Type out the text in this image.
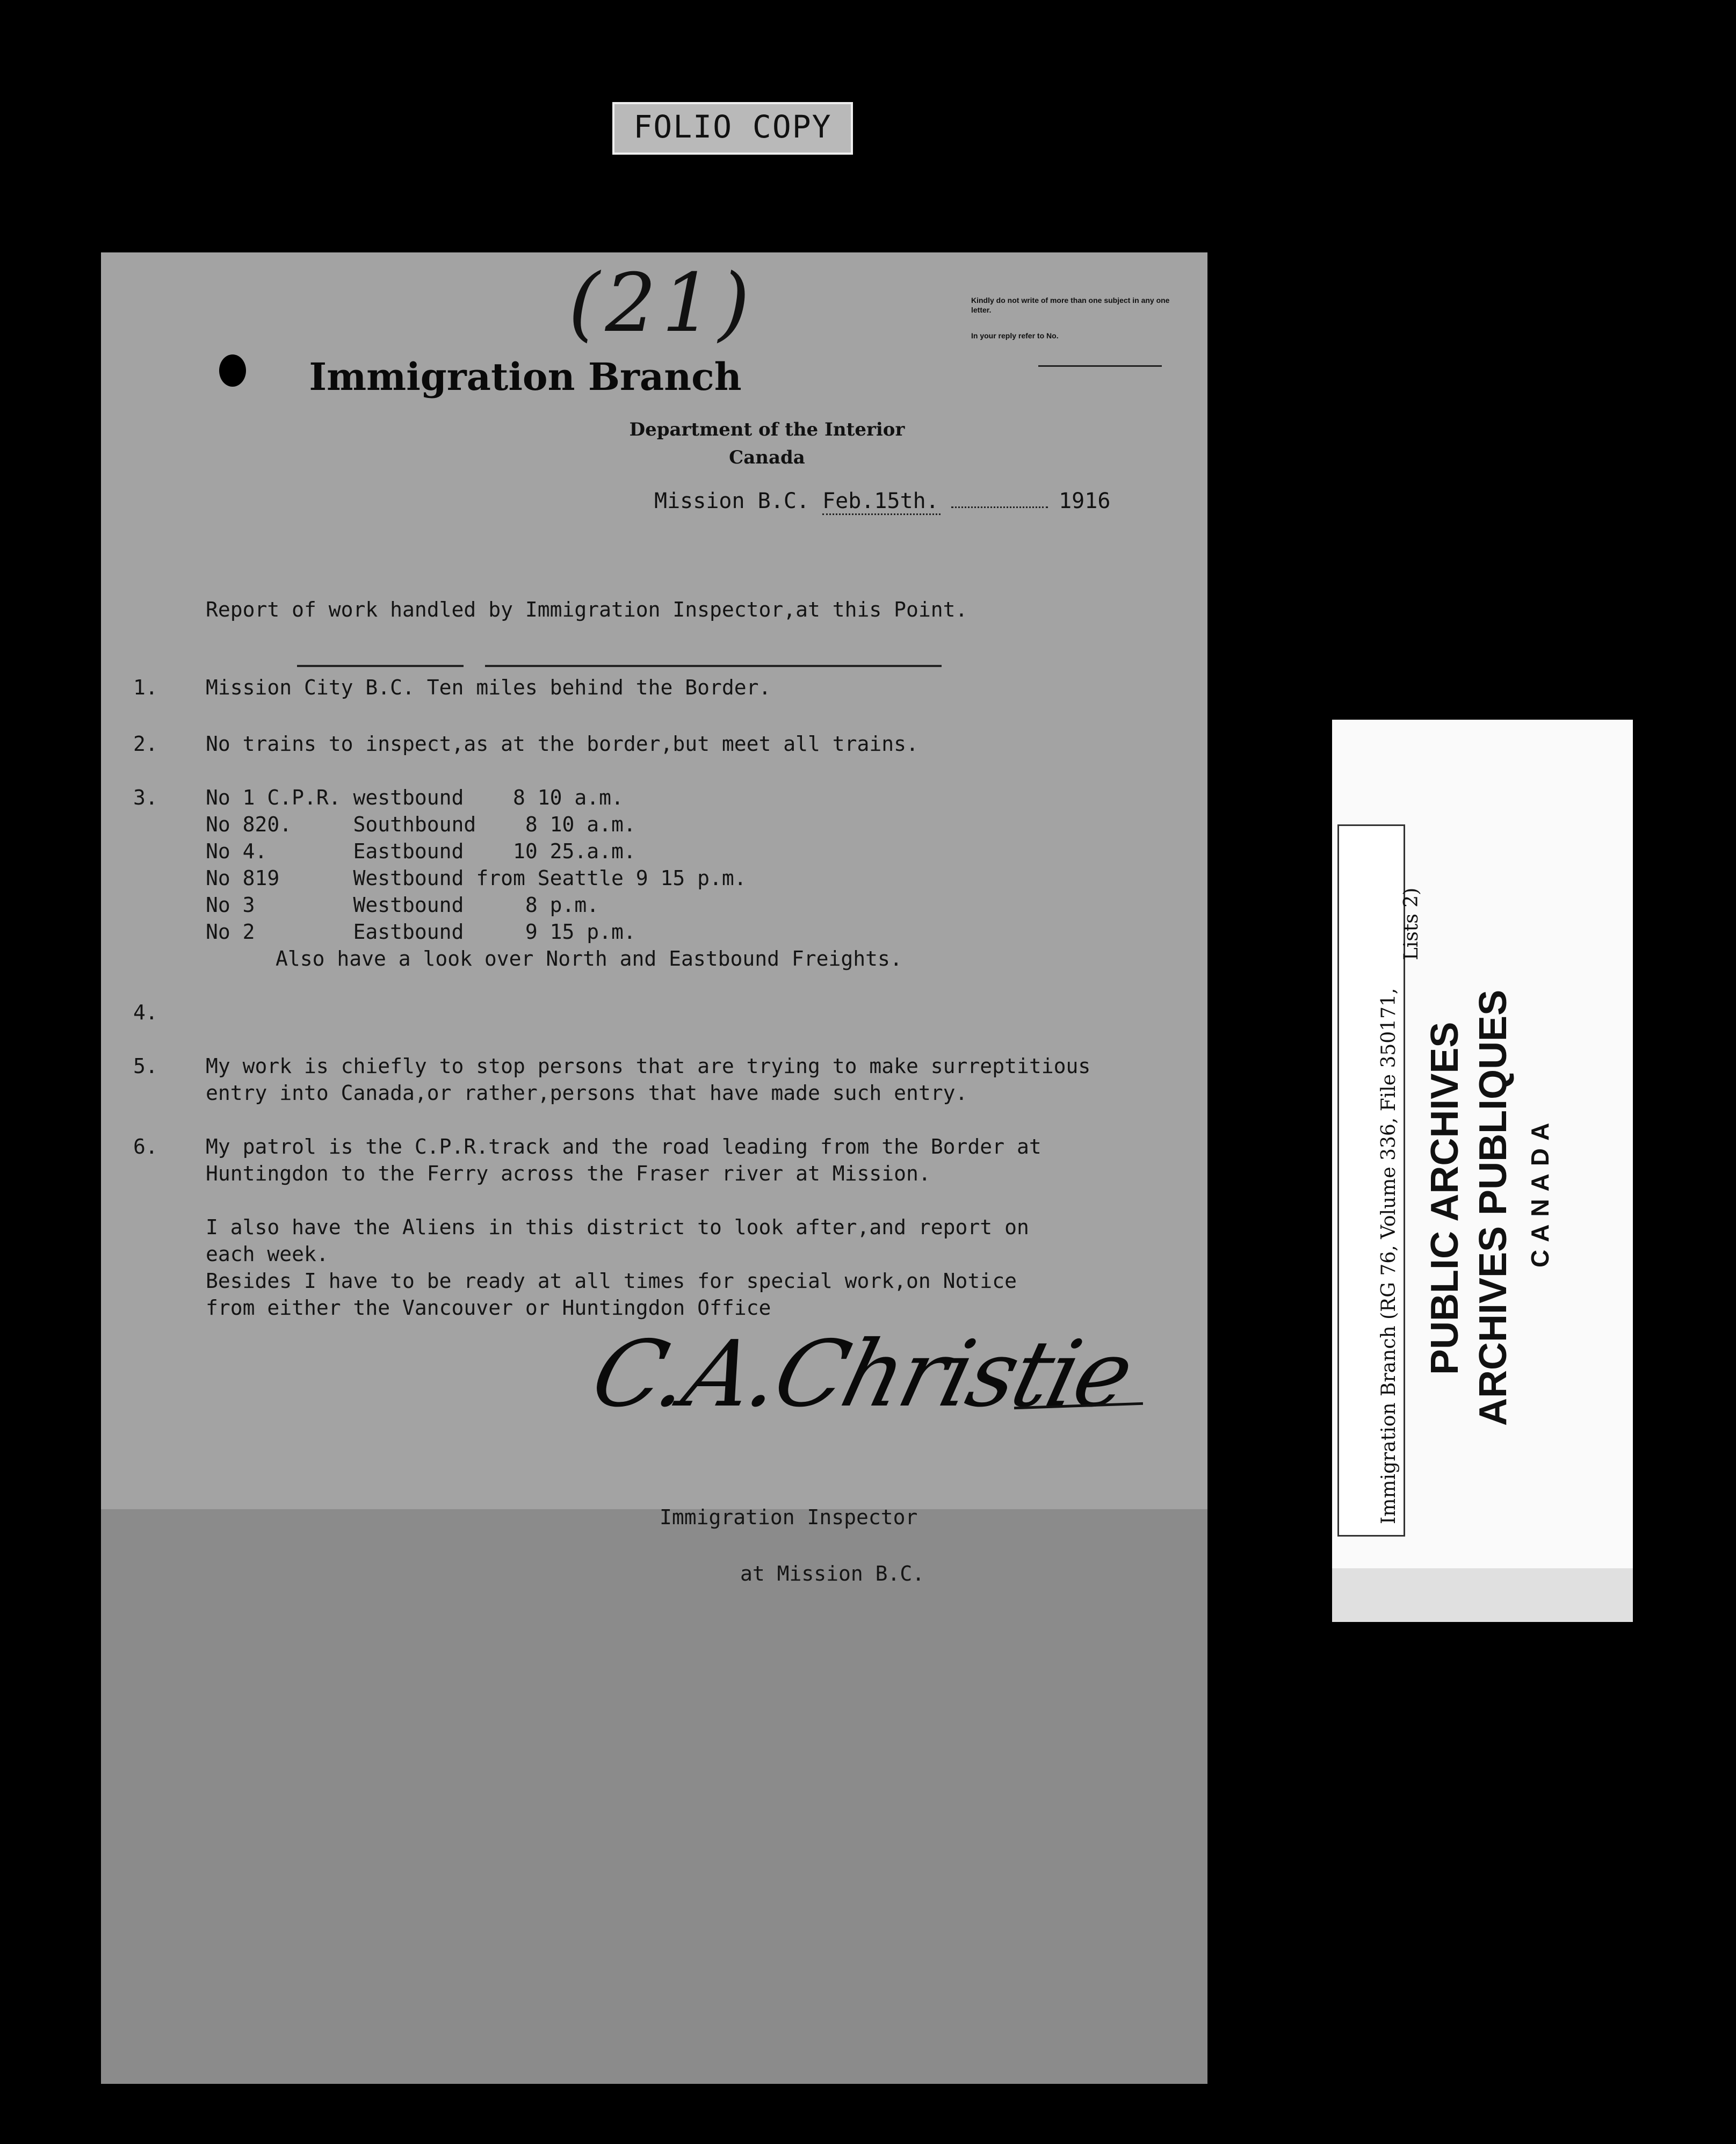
FOLIO COPY
(21)	Kindly do not write of more than one subject in any one letter.
In your reply refer to No.
Immigration Branch
Department of the Interior
Canada
Mission B.C. Feb.15th.	1916
Report of work handled by Immigration Inspector,at this Point.
1. Mission City B.C. Ten miles behind the Border.
2. No trains to inspect,as at the border,but meet all trains.
3. No 1 C.P.R. westbound    8 10 a.m.
No 820.     Southbound    8 10 a.m.
No 4.       Eastbound    10 25.a.m.
No 819      Westbound from Seattle 9 15 p.m.
No 3        Westbound     8 p.m.
No 2        Eastbound     9 15 p.m.
Also have a look over North and Eastbound Freights.
4.
5. My work is chiefly to stop persons that are trying to make surreptitious
entry into Canada,or rather,persons that have made such entry.
6. My patrol is the C.P.R.track and the road leading from the Border at
Huntingdon to the Ferry across the Fraser river at Mission.
I also have the Aliens in this district to look after,and report on
each week.
Besides I have to be ready at all times for special work,on Notice
from either the Vancouver or Huntingdon Office
C.A.Christie
Immigration Inspector
at Mission B.C.
Immigration Branch (RG 76, Volume 336, File 350171,
Lists 2)
PUBLIC ARCHIVES ARCHIVES PUBLIQUES CANADA
